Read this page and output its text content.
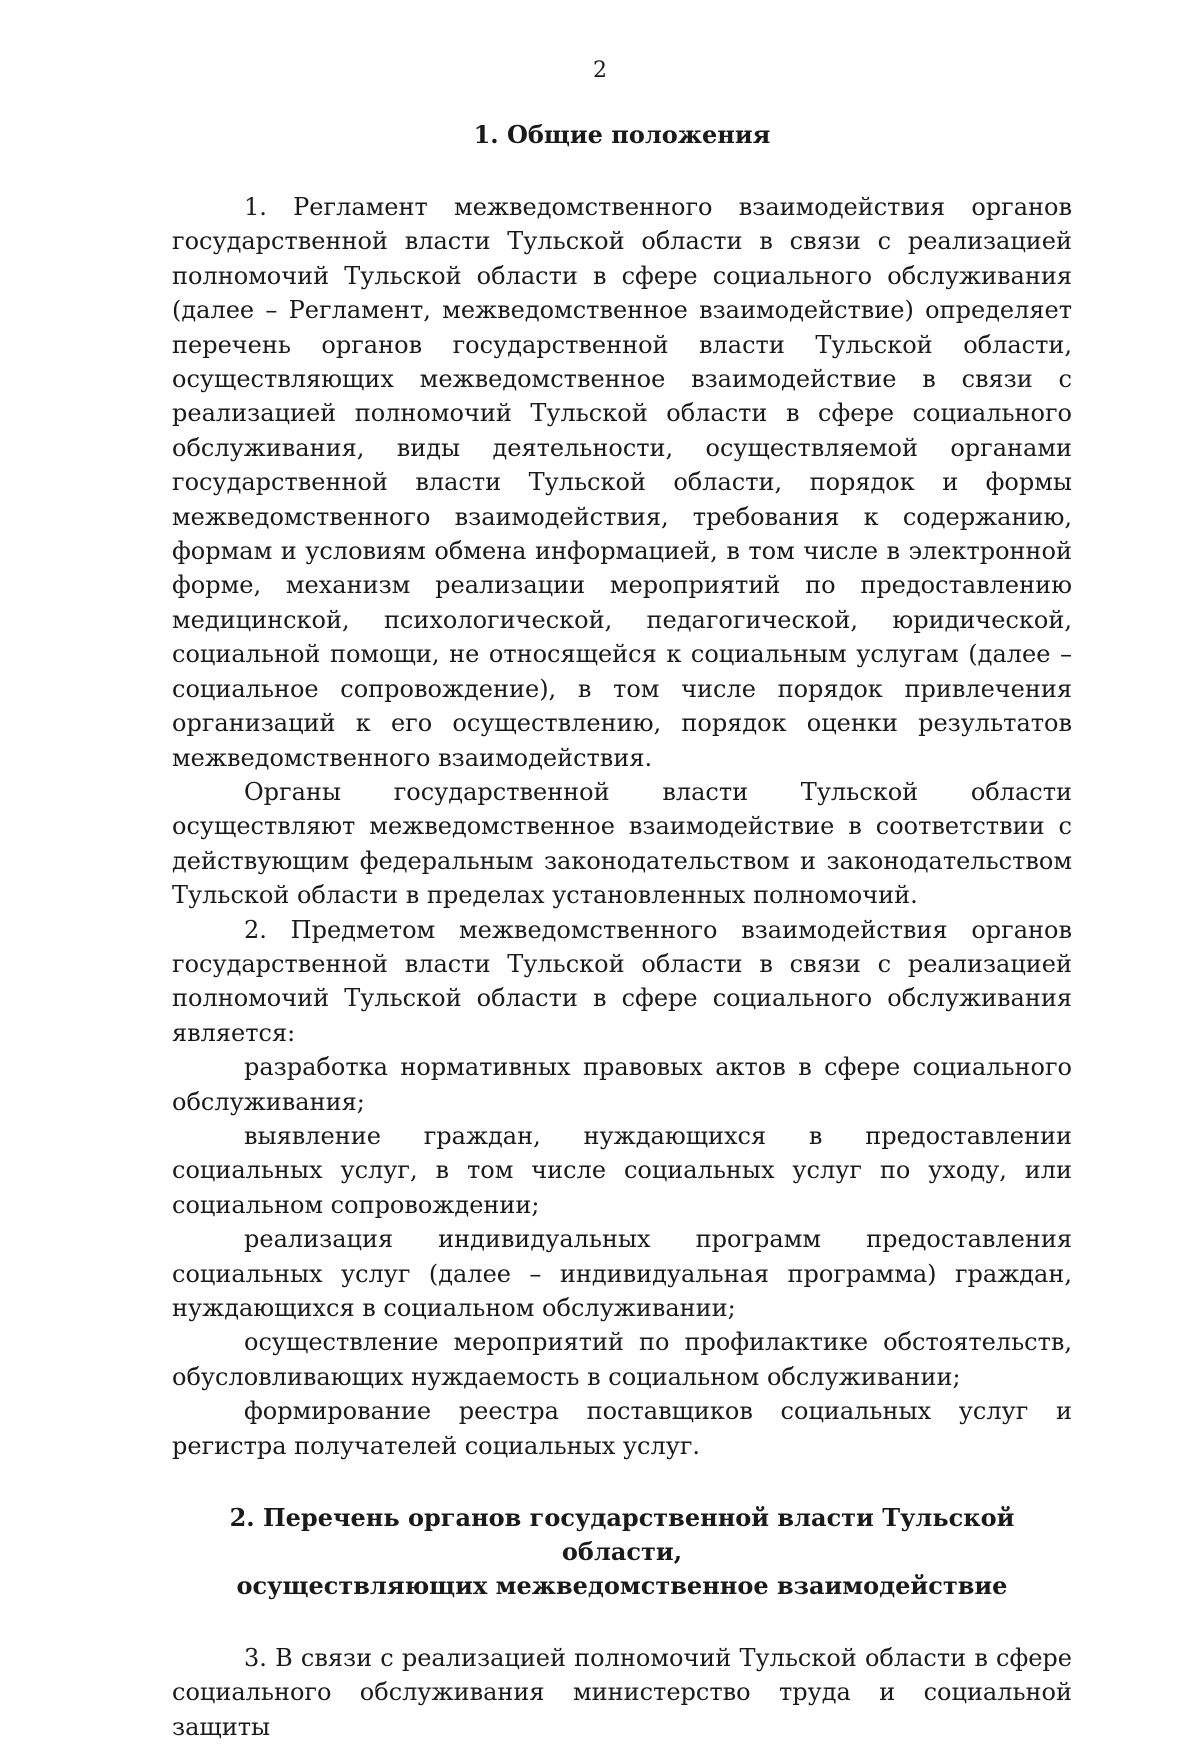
2
1. Общие положения

1. Регламент межведомственного взаимодействия органов государственной власти Тульской области в связи с реализацией полномочий Тульской области в сфере социального обслуживания (далее – Регламент, межведомственное взаимодействие) определяет перечень органов государственной власти Тульской области, осуществляющих межведомственное взаимодействие в связи с реализацией полномочий Тульской области в сфере социального обслуживания, виды деятельности, осуществляемой органами государственной власти Тульской области, порядок и формы межведомственного взаимодействия, требования к содержанию, формам и условиям обмена информацией, в том числе в электронной форме, механизм реализации мероприятий по предоставлению медицинской, психологической, педагогической, юридической, социальной помощи, не относящейся к социальным услугам (далее – социальное сопровождение), в том числе порядок привлечения организаций к его осуществлению, порядок оценки результатов межведомственного взаимодействия.

Органы государственной власти Тульской области осуществляют межведомственное взаимодействие в соответствии с действующим федеральным законодательством и законодательством Тульской области в пределах установленных полномочий.

2. Предметом межведомственного взаимодействия органов государственной власти Тульской области в связи с реализацией полномочий Тульской области в сфере социального обслуживания является:

разработка нормативных правовых актов в сфере социального обслуживания;

выявление граждан, нуждающихся в предоставлении социальных услуг, в том числе социальных услуг по уходу, или социальном сопровождении;

реализация индивидуальных программ предоставления социальных услуг (далее – индивидуальная программа) граждан, нуждающихся в социальном обслуживании;

осуществление мероприятий по профилактике обстоятельств, обусловливающих нуждаемость в социальном обслуживании;

формирование реестра поставщиков социальных услуг и регистра получателей социальных услуг.

2. Перечень органов государственной власти Тульской области,
осуществляющих межведомственное взаимодействие

3. В связи с реализацией полномочий Тульской области в сфере социального обслуживания министерство труда и социальной защиты
